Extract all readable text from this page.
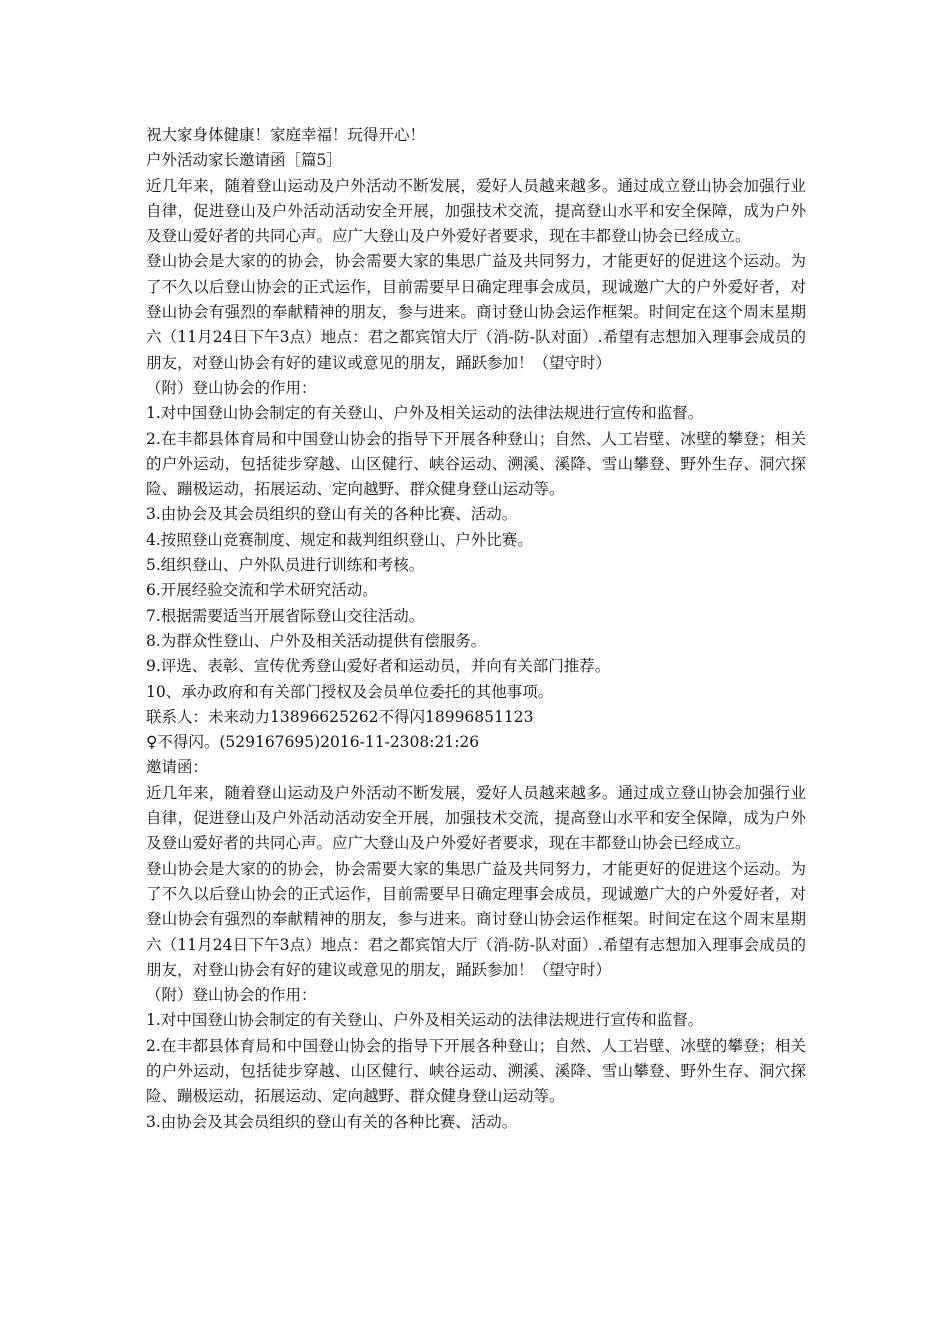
祝大家身体健康！家庭幸福！玩得开心！
户外活动家长邀请函［篇5］
近几年来，随着登山运动及户外活动不断发展，爱好人员越来越多。通过成立登山协会加强行业自律，促进登山及户外活动活动安全开展，加强技术交流，提高登山水平和安全保障，成为户外及登山爱好者的共同心声。应广大登山及户外爱好者要求，现在丰都登山协会已经成立。
登山协会是大家的的协会，协会需要大家的集思广益及共同努力，才能更好的促进这个运动。为了不久以后登山协会的正式运作，目前需要早日确定理事会成员，现诚邀广大的户外爱好者，对登山协会有强烈的奉献精神的朋友，参与进来。商讨登山协会运作框架。时间定在这个周末星期六（11月24日下午3点）地点：君之都宾馆大厅（消-防-队对面）.希望有志想加入理事会成员的朋友，对登山协会有好的建议或意见的朋友，踊跃参加！（望守时）
（附）登山协会的作用：
1.对中国登山协会制定的有关登山、户外及相关运动的法律法规进行宣传和监督。
2.在丰都县体育局和中国登山协会的指导下开展各种登山；自然、人工岩壁、冰壁的攀登；相关的户外运动，包括徒步穿越、山区健行、峡谷运动、溯溪、溪降、雪山攀登、野外生存、洞穴探险、蹦极运动，拓展运动、定向越野、群众健身登山运动等。
3.由协会及其会员组织的登山有关的各种比赛、活动。
4.按照登山竞赛制度、规定和裁判组织登山、户外比赛。
5.组织登山、户外队员进行训练和考核。
6.开展经验交流和学术研究活动。
7.根据需要适当开展省际登山交往活动。
8.为群众性登山、户外及相关活动提供有偿服务。
9.评选、表彰、宣传优秀登山爱好者和运动员，并向有关部门推荐。
10、承办政府和有关部门授权及会员单位委托的其他事项。
联系人：未来动力13896625262不得闪18996851123
♀不得闪。(529167695)2016-11-2308:21:26
邀请函：
近几年来，随着登山运动及户外活动不断发展，爱好人员越来越多。通过成立登山协会加强行业自律，促进登山及户外活动活动安全开展，加强技术交流，提高登山水平和安全保障，成为户外及登山爱好者的共同心声。应广大登山及户外爱好者要求，现在丰都登山协会已经成立。
登山协会是大家的的协会，协会需要大家的集思广益及共同努力，才能更好的促进这个运动。为了不久以后登山协会的正式运作，目前需要早日确定理事会成员，现诚邀广大的户外爱好者，对登山协会有强烈的奉献精神的朋友，参与进来。商讨登山协会运作框架。时间定在这个周末星期六（11月24日下午3点）地点：君之都宾馆大厅（消-防-队对面）.希望有志想加入理事会成员的朋友，对登山协会有好的建议或意见的朋友，踊跃参加！（望守时）
（附）登山协会的作用：
1.对中国登山协会制定的有关登山、户外及相关运动的法律法规进行宣传和监督。
2.在丰都县体育局和中国登山协会的指导下开展各种登山；自然、人工岩壁、冰壁的攀登；相关的户外运动，包括徒步穿越、山区健行、峡谷运动、溯溪、溪降、雪山攀登、野外生存、洞穴探险、蹦极运动，拓展运动、定向越野、群众健身登山运动等。
3.由协会及其会员组织的登山有关的各种比赛、活动。
